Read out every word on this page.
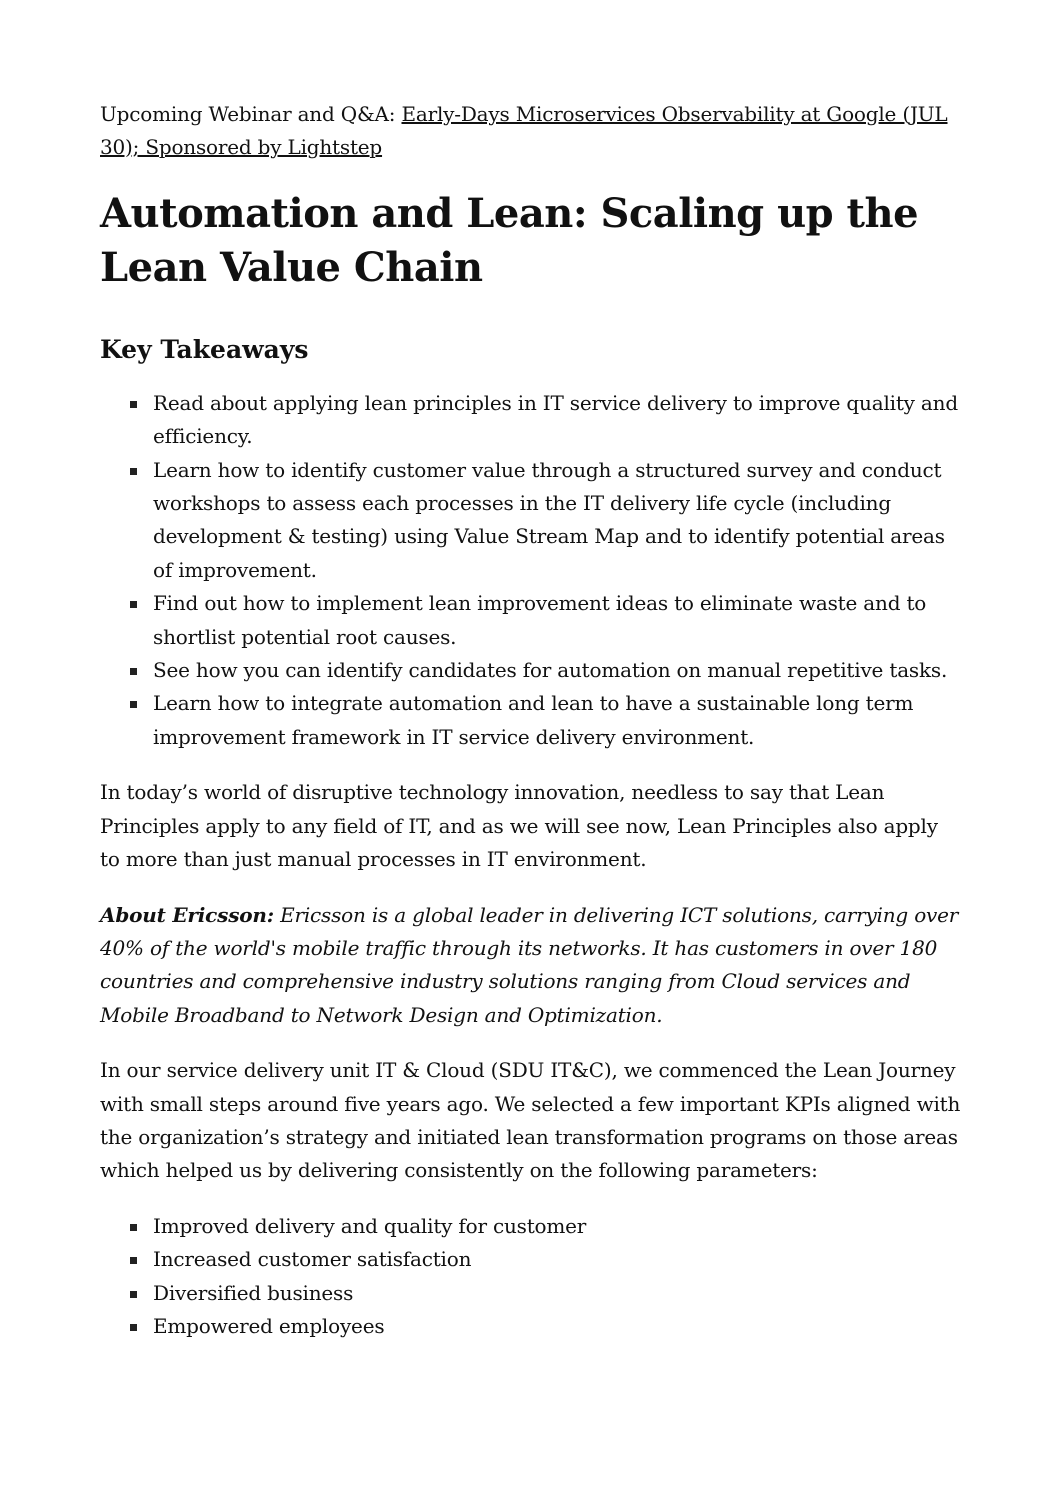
Upcoming Webinar and Q&A: Early-Days Microservices Observability at Google (JUL 30); Sponsored by Lightstep

Automation and Lean: Scaling up the Lean Value Chain
Key Takeaways
Read about applying lean principles in IT service delivery to improve quality and efficiency.
Learn how to identify customer value through a structured survey and conduct workshops to assess each processes in the IT delivery life cycle (including development & testing) using Value Stream Map and to identify potential areas of improvement.
Find out how to implement lean improvement ideas to eliminate waste and to shortlist potential root causes.
See how you can identify candidates for automation on manual repetitive tasks.
Learn how to integrate automation and lean to have a sustainable long term improvement framework in IT service delivery environment.

In today’s world of disruptive technology innovation, needless to say that Lean Principles apply to any field of IT, and as we will see now, Lean Principles also apply to more than just manual processes in IT environment.

About Ericsson: Ericsson is a global leader in delivering ICT solutions, carrying over 40% of the world's mobile traffic through its networks. It has customers in over 180 countries and comprehensive industry solutions ranging from Cloud services and Mobile Broadband to Network Design and Optimization.

In our service delivery unit IT & Cloud (SDU IT&C), we commenced the Lean Journey with small steps around five years ago. We selected a few important KPIs aligned with the organization’s strategy and initiated lean transformation programs on those areas which helped us by delivering consistently on the following parameters:

Improved delivery and quality for customer
Increased customer satisfaction
Diversified business
Empowered employees
